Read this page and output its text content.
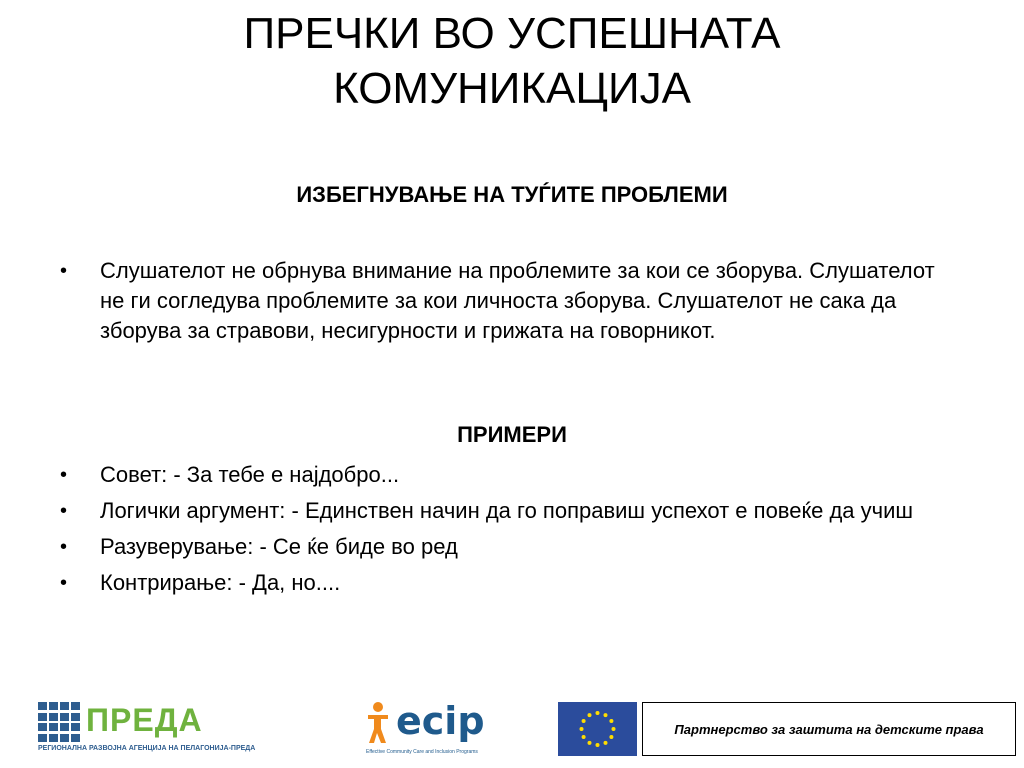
ПРЕЧКИ ВО УСПЕШНАТА
КОМУНИКАЦИЈА

ИЗБЕГНУВАЊЕ НА ТУЃИТЕ ПРОБЛЕМИ

• Слушателот не обрнува внимание на проблемите за кои се зборува. Слушателот не ги согледува проблемите за кои личноста зборува. Слушателот не сака да зборува за стравови, несигурности и грижата на говорникот.

ПРИМЕРИ

• Совет: - За тебе е најдобро...
• Логички аргумент: - Единствен начин да го поправиш успехот е повеќе да учиш
• Разуверување: - Се ќе биде во ред
• Контрирање: - Да, но....
ПРЕДА
РЕГИОНАЛНА РАЗВОЈНА АГЕНЦИЈА НА ПЕЛАГОНИЈА-ПРЕДА
ecip
Effective Community Care and Inclusion Programs
Партнерство за заштита на детските права
